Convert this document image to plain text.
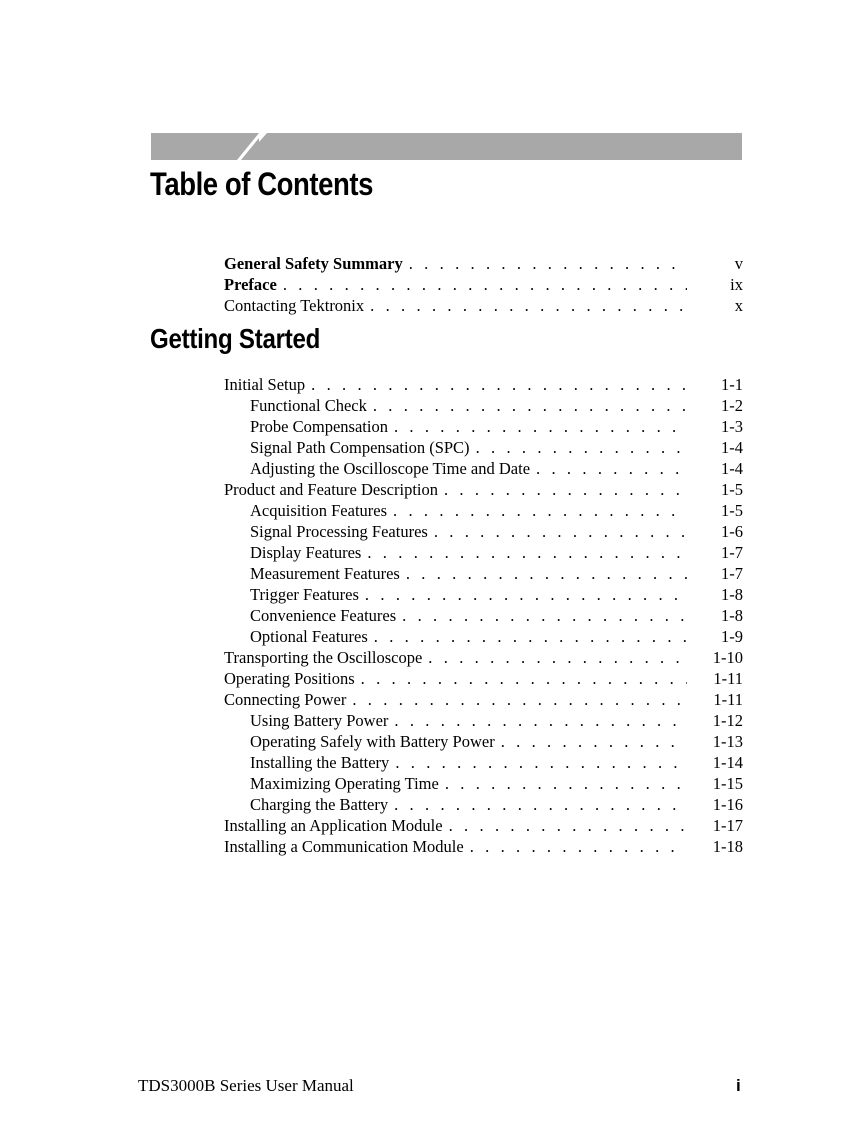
Table of Contents
General Safety Summary . . .	v
Preface . . .	ix
Contacting Tektronix . . .	x
Getting Started
Initial Setup . . .	1-1
Functional Check . . .	1-2
Probe Compensation . . .	1-3
Signal Path Compensation (SPC) . . .	1-4
Adjusting the Oscilloscope Time and Date . . .	1-4
Product and Feature Description . . .	1-5
Acquisition Features . . .	1-5
Signal Processing Features . . .	1-6
Display Features . . .	1-7
Measurement Features . . .	1-7
Trigger Features . . .	1-8
Convenience Features . . .	1-8
Optional Features . . .	1-9
Transporting the Oscilloscope . . .	1-10
Operating Positions . . .	1-11
Connecting Power . . .	1-11
Using Battery Power . . .	1-12
Operating Safely with Battery Power . . .	1-13
Installing the Battery . . .	1-14
Maximizing Operating Time . . .	1-15
Charging the Battery . . .	1-16
Installing an Application Module . . .	1-17
Installing a Communication Module . . .	1-18
TDS3000B Series User Manual	i
